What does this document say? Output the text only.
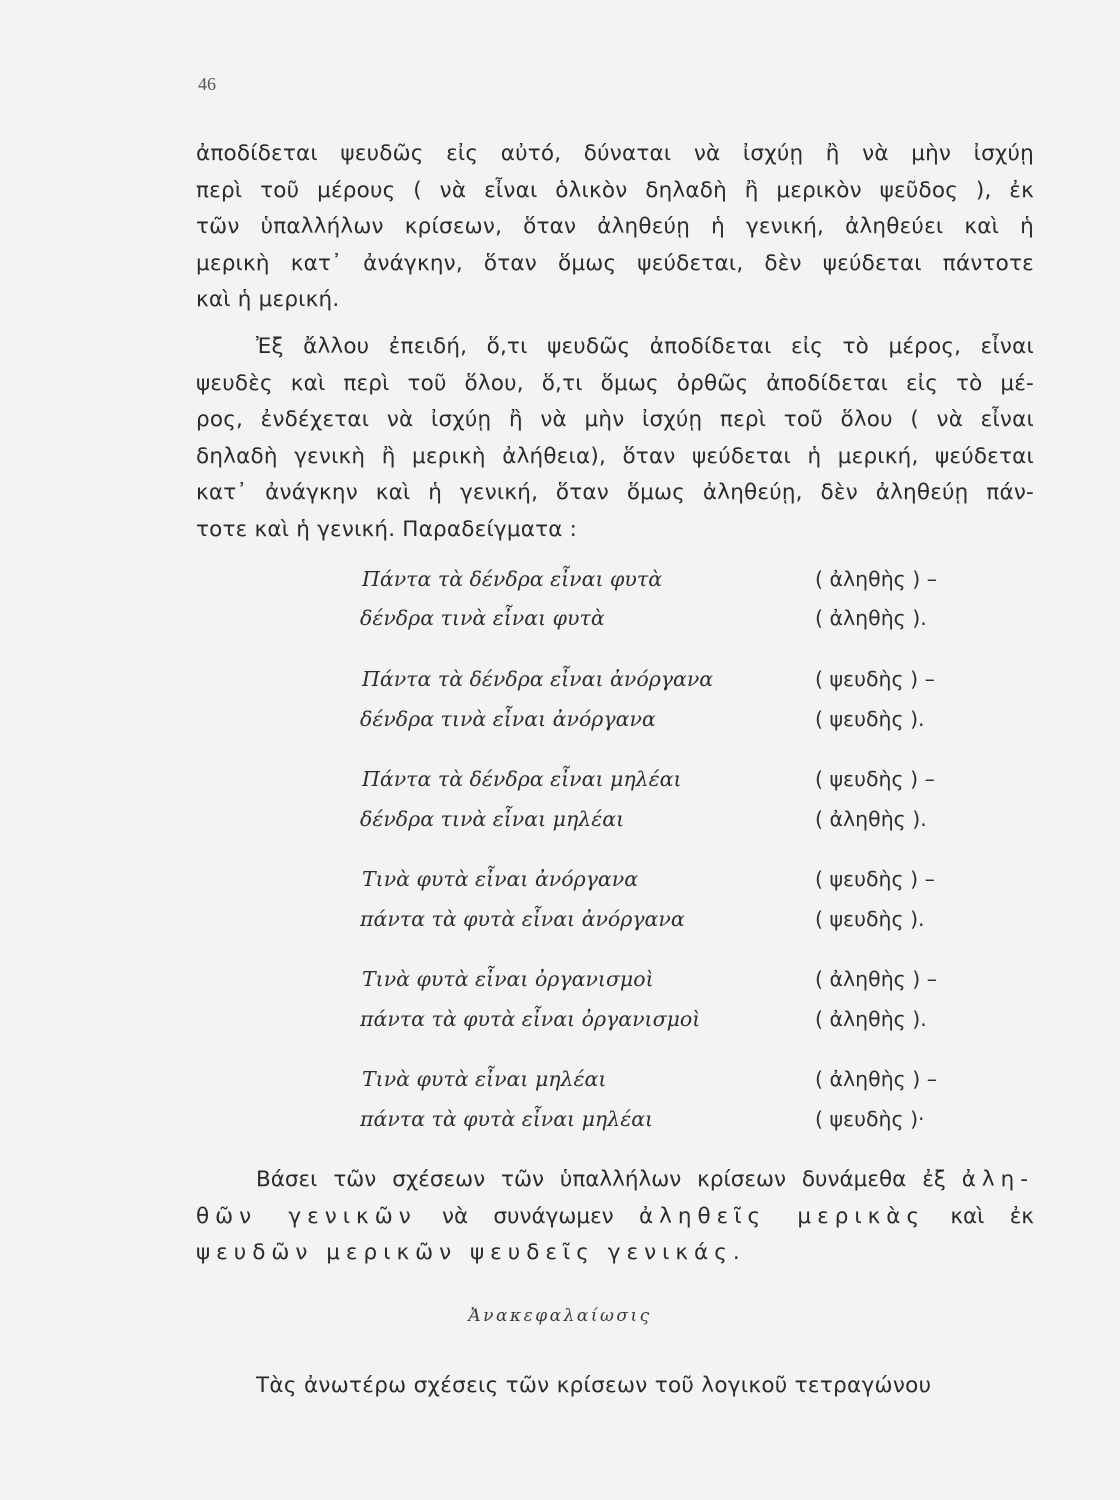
46
ἀποδίδεται ψευδῶς εἰς αὐτό, δύναται νὰ ἰσχύῃ ἢ νὰ μὴν ἰσχύῃ
περὶ τοῦ μέρους ( νὰ εἶναι ὁλικὸν δηλαδὴ ἢ μερικὸν ψεῦδος ), ἐκ
τῶν ὑπαλλήλων κρίσεων, ὅταν ἀληθεύῃ ἡ γενική, ἀληθεύει καὶ ἡ
μερικὴ κατ᾽ ἀνάγκην, ὅταν ὅμως ψεύδεται, δὲν ψεύδεται πάντοτε
καὶ ἡ μερική.
Ἐξ ἄλλου ἐπειδή, ὅ,τι ψευδῶς ἀποδίδεται εἰς τὸ μέρος, εἶναι
ψευδὲς καὶ περὶ τοῦ ὅλου, ὅ,τι ὅμως ὀρθῶς ἀποδίδεται εἰς τὸ μέ-
ρος, ἐνδέχεται νὰ ἰσχύῃ ἢ νὰ μὴν ἰσχύῃ περὶ τοῦ ὅλου ( νὰ εἶναι
δηλαδὴ γενικὴ ἢ μερικὴ ἀλήθεια), ὅταν ψεύδεται ἡ μερική, ψεύδεται
κατ᾽ ἀνάγκην καὶ ἡ γενική, ὅταν ὅμως ἀληθεύῃ, δὲν ἀληθεύῃ πάν-
τοτε καὶ ἡ γενική. Παραδείγματα :
Πάντα τὰ δένδρα εἶναι φυτὰ	( ἀληθὴς ) –
δένδρα τινὰ εἶναι φυτὰ	( ἀληθὴς ).
Πάντα τὰ δένδρα εἶναι ἀνόργανα	( ψευδὴς ) –
δένδρα τινὰ εἶναι ἀνόργανα	( ψευδὴς ).
Πάντα τὰ δένδρα εἶναι μηλέαι	( ψευδὴς ) –
δένδρα τινὰ εἶναι μηλέαι	( ἀληθὴς ).
Τινὰ φυτὰ εἶναι ἀνόργανα	( ψευδὴς ) –
πάντα τὰ φυτὰ εἶναι ἀνόργανα	( ψευδὴς ).
Τινὰ φυτὰ εἶναι ὀργανισμοὶ	( ἀληθὴς ) –
πάντα τὰ φυτὰ εἶναι ὀργανισμοὶ	( ἀληθὴς ).
Τινὰ φυτὰ εἶναι μηλέαι	( ἀληθὴς ) –
πάντα τὰ φυτὰ εἶναι μηλέαι	( ψευδὴς )·
Βάσει τῶν σχέσεων τῶν ὑπαλλήλων κρίσεων δυνάμεθα ἐξ ἀλη-
θῶν γενικῶν νὰ συνάγωμεν ἀληθεῖς μερικὰς καὶ ἐκ
ψευδῶν μερικῶν ψευδεῖς γενικάς.
Ἀνακεφαλαίωσις
Τὰς ἀνωτέρω σχέσεις τῶν κρίσεων τοῦ λογικοῦ τετραγώνου
